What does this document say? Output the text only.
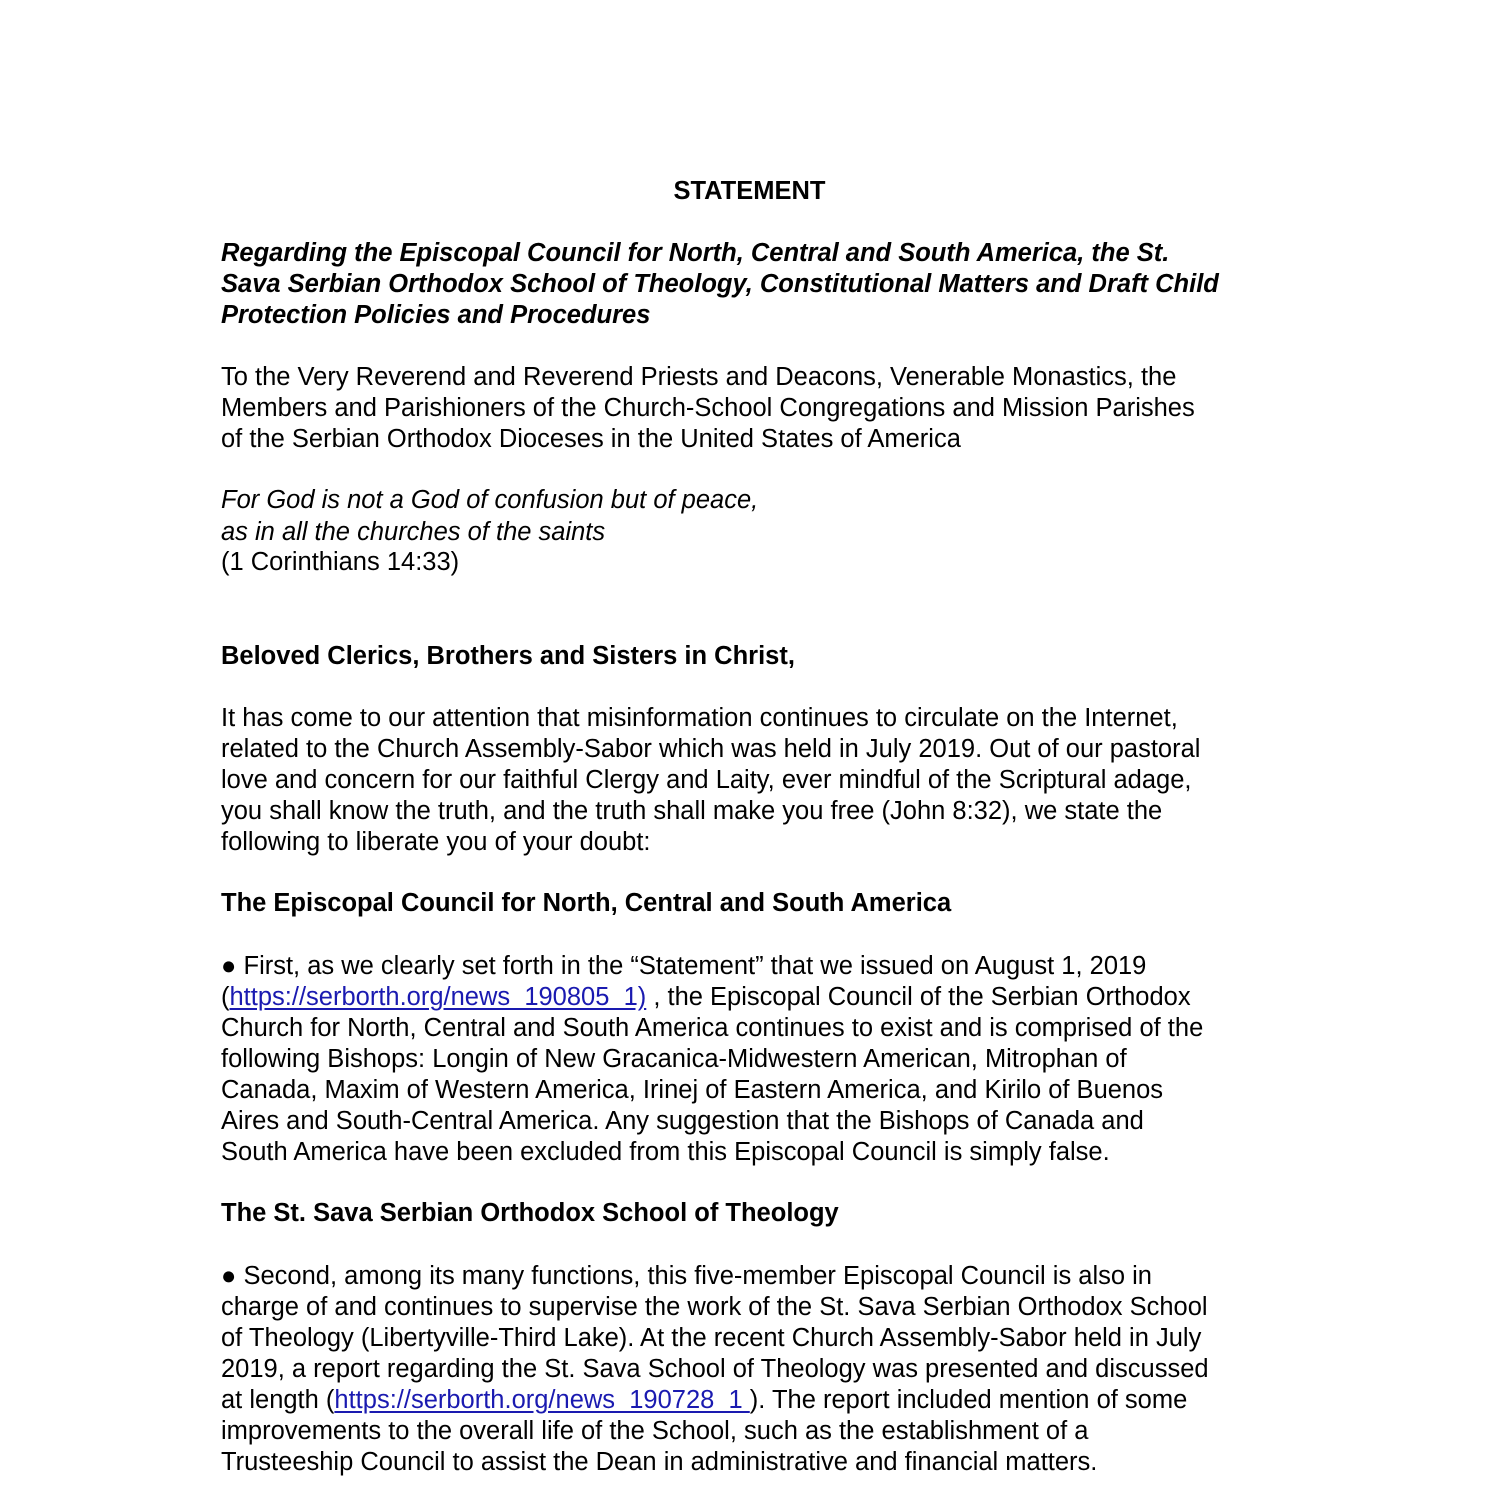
STATEMENT
Regarding the Episcopal Council for North, Central and South America, the St.
Sava Serbian Orthodox School of Theology, Constitutional Matters and Draft Child
Protection Policies and Procedures
To the Very Reverend and Reverend Priests and Deacons, Venerable Monastics, the
Members and Parishioners of the Church-School Congregations and Mission Parishes
of the Serbian Orthodox Dioceses in the United States of America
For God is not a God of confusion but of peace,
as in all the churches of the saints
(1 Corinthians 14:33)
Beloved Clerics, Brothers and Sisters in Christ,
It has come to our attention that misinformation continues to circulate on the Internet,
related to the Church Assembly-Sabor which was held in July 2019. Out of our pastoral
love and concern for our faithful Clergy and Laity, ever mindful of the Scriptural adage,
you shall know the truth, and the truth shall make you free (John 8:32), we state the
following to liberate you of your doubt:
The Episcopal Council for North, Central and South America
● First, as we clearly set forth in the “Statement” that we issued on August 1, 2019
(https://serborth.org/news_190805_1) , the Episcopal Council of the Serbian Orthodox
Church for North, Central and South America continues to exist and is comprised of the
following Bishops: Longin of New Gracanica-Midwestern American, Mitrophan of
Canada, Maxim of Western America, Irinej of Eastern America, and Kirilo of Buenos
Aires and South-Central America. Any suggestion that the Bishops of Canada and
South America have been excluded from this Episcopal Council is simply false.
The St. Sava Serbian Orthodox School of Theology
● Second, among its many functions, this five-member Episcopal Council is also in
charge of and continues to supervise the work of the St. Sava Serbian Orthodox School
of Theology (Libertyville-Third Lake). At the recent Church Assembly-Sabor held in July
2019, a report regarding the St. Sava School of Theology was presented and discussed
at length (https://serborth.org/news_190728_1 ). The report included mention of some
improvements to the overall life of the School, such as the establishment of a
Trusteeship Council to assist the Dean in administrative and financial matters.
